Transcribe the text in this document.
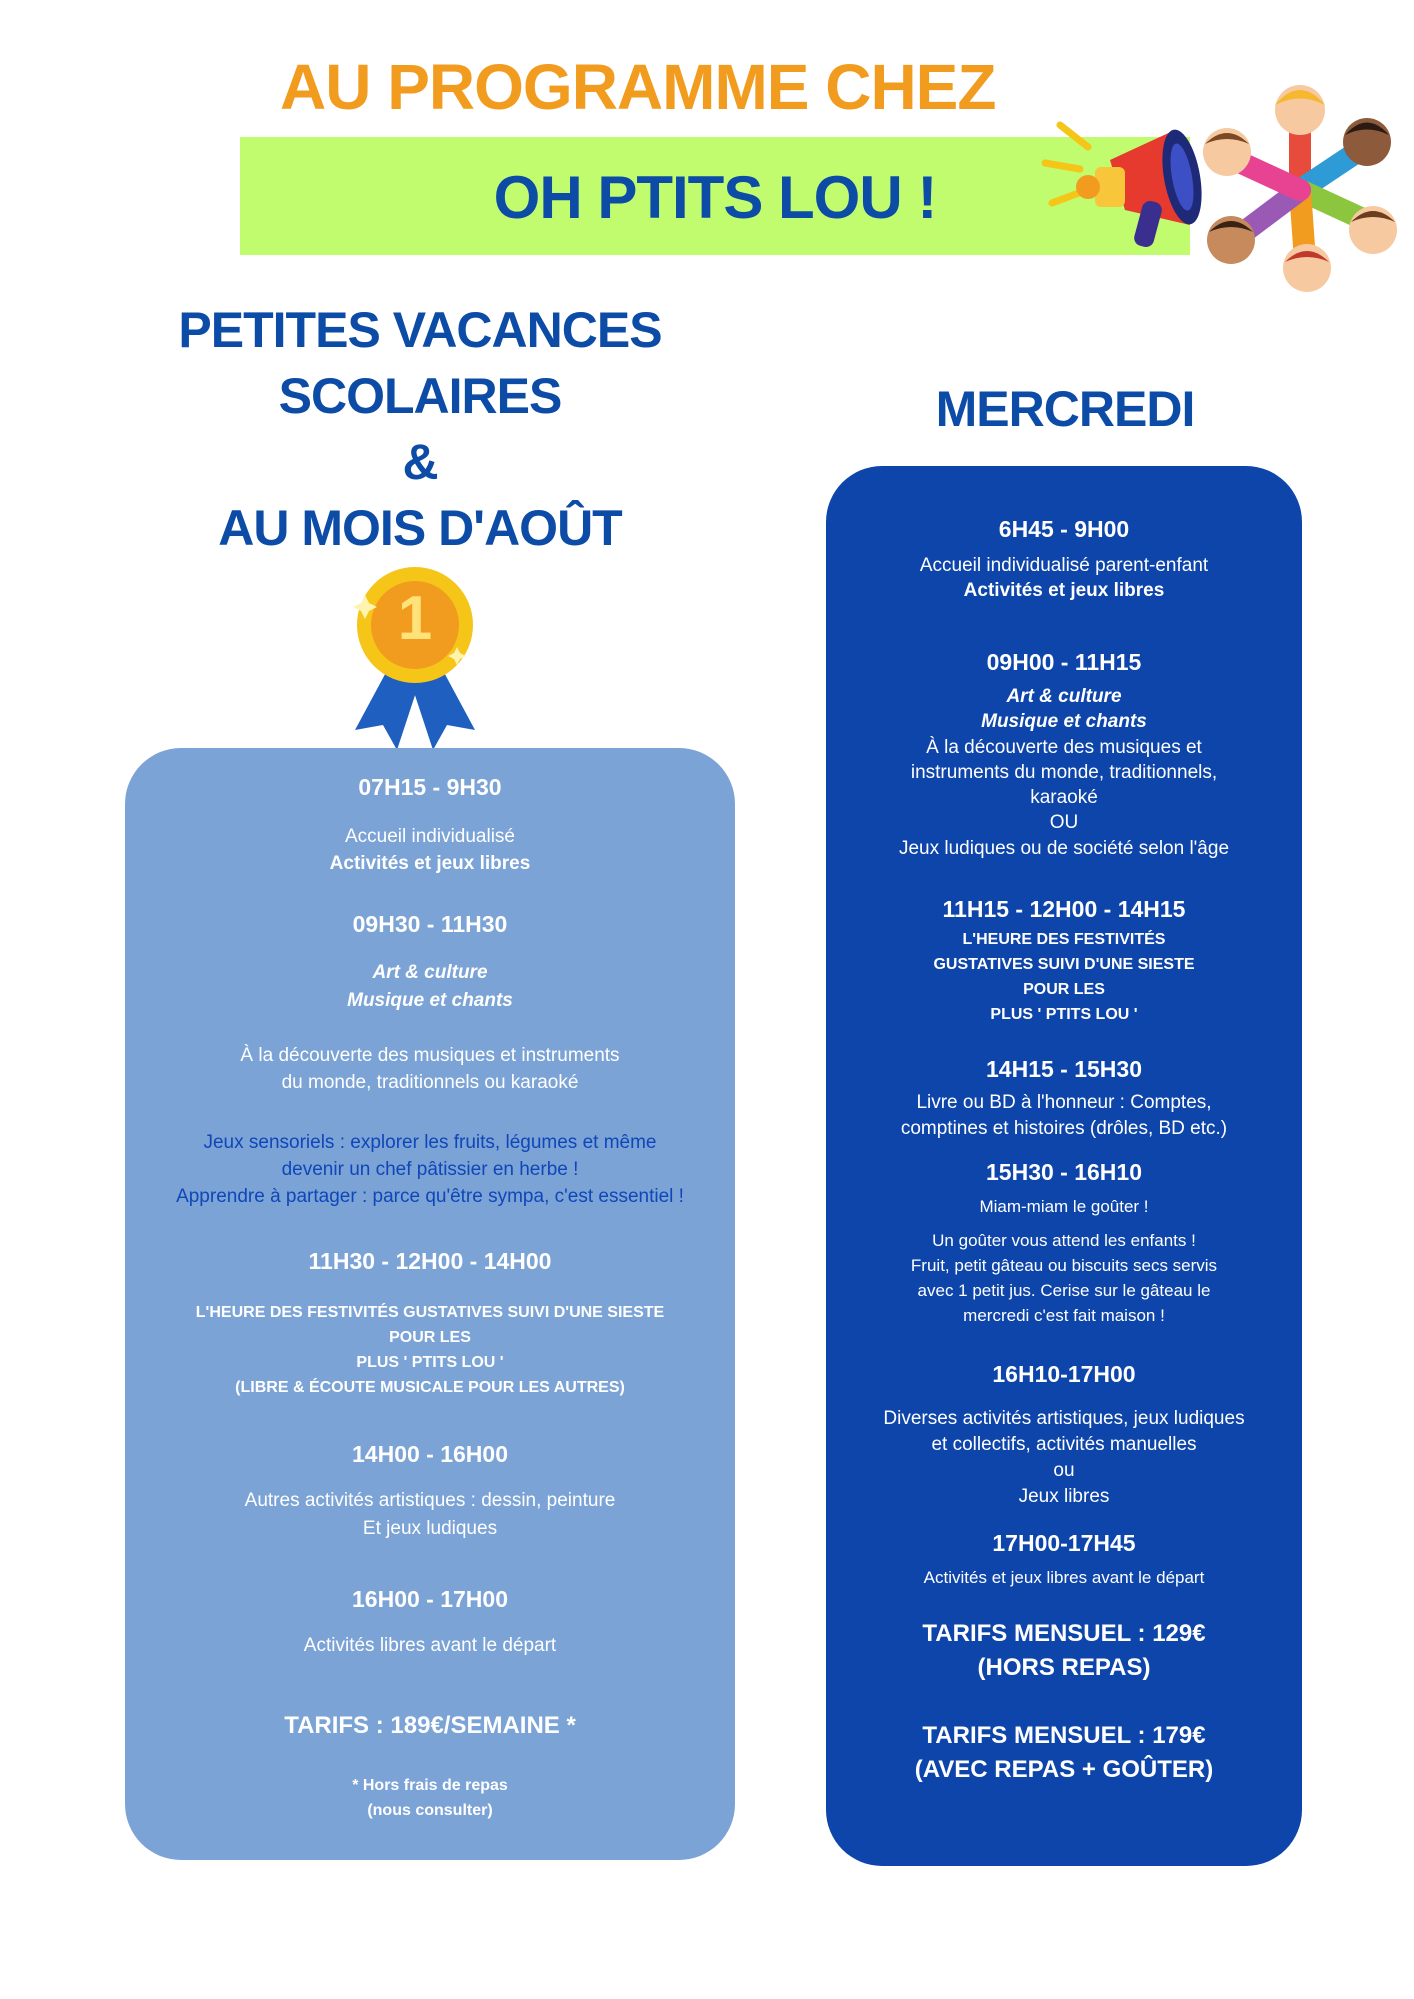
AU PROGRAMME CHEZ
OH PTITS LOU !
PETITES VACANCES
SCOLAIRES
&
AU MOIS D'AOÛT
MERCREDI
1
07H15 - 9H30
Accueil individualisé
Activités et jeux libres
09H30 - 11H30
Art & culture
Musique et chants
À la découverte des musiques et instruments
du monde, traditionnels ou karaoké
Jeux sensoriels : explorer les fruits, légumes et même
devenir un chef pâtissier en herbe !
Apprendre à partager : parce qu'être sympa, c'est essentiel !
11H30 - 12H00 - 14H00
L'HEURE DES FESTIVITÉS GUSTATIVES SUIVI D'UNE SIESTE
POUR LES
PLUS ' PTITS LOU '
(LIBRE & ÉCOUTE MUSICALE POUR LES AUTRES)
14H00 - 16H00
Autres activités artistiques : dessin, peinture
Et jeux ludiques
16H00 - 17H00
Activités libres avant le départ
TARIFS : 189€/SEMAINE *
* Hors frais de repas
(nous consulter)
6H45 - 9H00
Accueil individualisé parent-enfant
Activités et jeux libres
09H00 - 11H15
Art & culture
Musique et chants
À la découverte des musiques et
instruments du monde, traditionnels,
karaoké
OU
Jeux ludiques ou de société selon l'âge
11H15 - 12H00 - 14H15
L'HEURE DES FESTIVITÉS
GUSTATIVES SUIVI D'UNE SIESTE
POUR LES
PLUS ' PTITS LOU '
14H15 - 15H30
Livre ou BD à l'honneur : Comptes,
comptines et histoires (drôles, BD etc.)
15H30 - 16H10
Miam-miam le goûter !
Un goûter vous attend les enfants !
Fruit, petit gâteau ou biscuits secs servis
avec 1 petit jus. Cerise sur le gâteau le
mercredi c'est fait maison !
16H10-17H00
Diverses activités artistiques, jeux ludiques
et collectifs, activités manuelles
ou
Jeux libres
17H00-17H45
Activités et jeux libres avant le départ
TARIFS MENSUEL : 129€
(HORS REPAS)
TARIFS MENSUEL : 179€
(AVEC REPAS + GOÛTER)
